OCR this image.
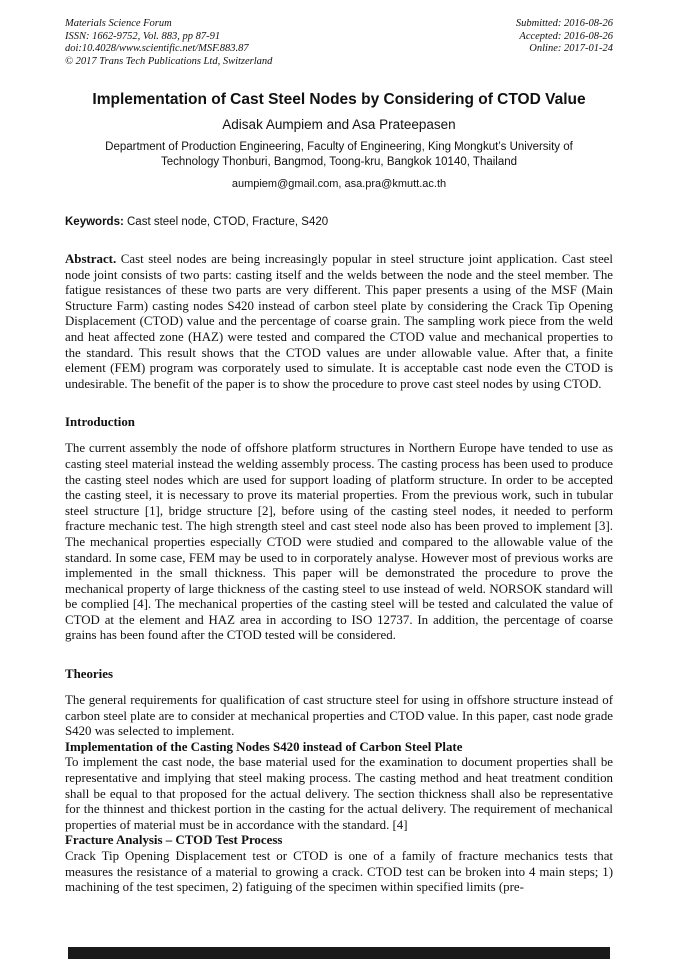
Materials Science Forum
ISSN: 1662-9752, Vol. 883, pp 87-91
doi:10.4028/www.scientific.net/MSF.883.87
© 2017 Trans Tech Publications Ltd, Switzerland
Submitted: 2016-08-26
Accepted: 2016-08-26
Online: 2017-01-24
Implementation of Cast Steel Nodes by Considering of CTOD Value
Adisak Aumpiem and Asa Prateepasen
Department of Production Engineering, Faculty of Engineering, King Mongkut’s University of Technology Thonburi, Bangmod, Toong-kru, Bangkok 10140, Thailand
aumpiem@gmail.com, asa.pra@kmutt.ac.th
Keywords: Cast steel node, CTOD, Fracture, S420

Abstract. Cast steel nodes are being increasingly popular in steel structure joint application. Cast steel node joint consists of two parts: casting itself and the welds between the node and the steel member. The fatigue resistances of these two parts are very different. This paper presents a using of the MSF (Main Structure Farm) casting nodes S420 instead of carbon steel plate by considering the Crack Tip Opening Displacement (CTOD) value and the percentage of coarse grain. The sampling work piece from the weld and heat affected zone (HAZ) were tested and compared the CTOD value and mechanical properties to the standard. This result shows that the CTOD values are under allowable value. After that, a finite element (FEM) program was corporately used to simulate. It is acceptable cast node even the CTOD is undesirable. The benefit of the paper is to show the procedure to prove cast steel nodes by using CTOD.

Introduction

The current assembly the node of offshore platform structures in Northern Europe have tended to use as casting steel material instead the welding assembly process. The casting process has been used to produce the casting steel nodes which are used for support loading of platform structure. In order to be accepted the casting steel, it is necessary to prove its material properties. From the previous work, such in tubular steel structure [1], bridge structure [2], before using of the casting steel nodes, it needed to perform fracture mechanic test. The high strength steel and cast steel node also has been proved to implement [3]. The mechanical properties especially CTOD were studied and compared to the allowable value of the standard. In some case, FEM may be used to in corporately analyse. However most of previous works are implemented in the small thickness. This paper will be demonstrated the procedure to prove the mechanical property of large thickness of the casting steel to use instead of weld. NORSOK standard will be complied [4]. The mechanical properties of the casting steel will be tested and calculated the value of CTOD at the element and HAZ area in according to ISO 12737. In addition, the percentage of coarse grains has been found after the CTOD tested will be considered.

Theories

The general requirements for qualification of cast structure steel for using in offshore structure instead of carbon steel plate are to consider at mechanical properties and CTOD value. In this paper, cast node grade S420 was selected to implement.

Implementation of the Casting Nodes S420 instead of Carbon Steel Plate

To implement the cast node, the base material used for the examination to document properties shall be representative and implying that steel making process. The casting method and heat treatment condition shall be equal to that proposed for the actual delivery. The section thickness shall also be representative for the thinnest and thickest portion in the casting for the actual delivery. The requirement of mechanical properties of material must be in accordance with the standard. [4]

Fracture Analysis – CTOD Test Process

Crack Tip Opening Displacement test or CTOD is one of a family of fracture mechanics tests that measures the resistance of a material to growing a crack. CTOD test can be broken into 4 main steps; 1) machining of the test specimen, 2) fatiguing of the specimen within specified limits (pre-
